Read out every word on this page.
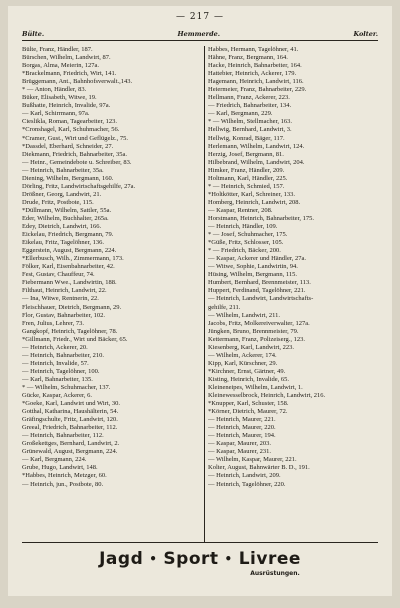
— 217 —
Bülte.	Hemmerde.	Kolter.
Bülte, Franz, Händler, 187.
Bürschen, Wilhelm, Landwirt, 87.
Borgas, Alma, Meierin, 127a.
*Brackelmann, Friedrich, Wirt, 141.
Brüggemann, Ant., Bahnhofsverwalt.,143.
* — Anton, Händler, 83.
Büker, Elisabeth, Witwe, 19.
Bußhatte, Heinrich, Invalide, 97a.
— Karl, Schirrmann, 97a.
Cieslikla, Roman, Tagearbeiter, 123.
*Cronshagel, Karl, Schuhmacher, 56.
*Cramer, Gust., Wirt und Geflügelz., 75.
*Dassdel, Eberhard, Schneider, 27.
Diekmann, Friedrich, Bahnarbeiter, 35a.
— Heinr., Gemeindebote u. Schreiber, 83.
— Heinrich, Bahnarbeiter, 35a.
Diening, Wilhelm, Bergmann, 160.
Dörling, Fritz, Landwirtschaftsgehilfe, 27a.
Drößner, Georg, Landwirt, 21.
Drude, Fritz, Postbote, 115.
*Düllmann, Wilhelm, Sattler, 55a.
Eder, Wilhelm, Buchhalter, 265a.
Edey, Dietrich, Landwirt, 166.
Eickelau, Friedrich, Bergmann, 79.
Eikelau, Fritz, Tagelöhner, 136.
Eggerstein, August, Bergmann, 224.
*Ellerbusch, Wilh., Zimmermann, 173.
Fölker, Karl, Eisenbahnarbeiter, 42.
Fest, Gustav, Chauffeur, 74.
Fiebermann Wwe., Landwirtin, 188.
Filthaut, Heinrich, Landwirt, 22.
— Ina, Witwe, Rentnerin, 22.
Fleischhauer, Dietrich, Bergmann, 29.
Flor, Gustav, Bahnarbeiter, 102.
Fren, Julius, Lehrer, 73.
Gangkopf, Heinrich, Tagelöhner, 78.
*Gillmann, Friedr., Wirt und Bäcker, 65.
— Heinrich, Ackerer, 20.
— Heinrich, Bahnarbeiter, 210.
— Heinrich, Invalide, 57.
— Heinrich, Tagelöhner, 100.
— Karl, Bahnarbeiter, 135.
* — Wilhelm, Schuhmacher, 137.
Gücke, Kaspar, Ackerer, 6.
*Goeke, Karl, Landwirt und Wirt, 30.
Gotthal, Katharina, Haushälterin, 54.
Gräfingschulte, Fritz, Landwirt, 120.
Greeal, Friedrich, Bahnarbeiter, 112.
— Heinrich, Bahnarbeiter, 112.
Großekettges, Bernhard, Landwirt, 2.
Grünewald, August, Bergmann, 224.
— Karl, Bergmann, 224.
Grube, Hugo, Landwirt, 148.
*Habbes, Heinrich, Metzger, 60.
— Heinrich, jun., Postbote, 80.
Habbes, Hermann, Tagelöhner, 41.
Hähne, Franz, Bergmann, 164.
Hacke, Heinrich, Bahnarbeiter, 164.
Hattebier, Heinrich, Ackerer, 179.
Hagemann, Heinrich, Landwirt, 116.
Heiermeier, Franz, Bahnarbeiter, 229.
Hellmann, Franz, Ackerer, 223.
— Friedrich, Bahnarbeiter, 134.
— Karl, Bergmann, 229.
* — Wilhelm, Stellmacher, 163.
Hellwig, Bernhard, Landwirt, 3.
Hellwig, Konrad, Bäger, 117.
Herlemann, Wilhelm, Landwirt, 124.
Herzig, Josef, Bergmann, 81.
Hilbebrand, Wilhelm, Landwirt, 204.
Himker, Franz, Händler, 209.
Holtmann, Karl, Händler, 225.
* — Heinrich, Schmied, 157.
*Holtkötter, Karl, Schreiner, 133.
Homberg, Heinrich, Landwirt, 208.
— Kaspar, Rentner, 208.
Horstmann, Heinrich, Bahnarbeiter, 175.
— Heinrich, Händler, 109.
* — Josef, Schuhmacher, 175.
*Güße, Fritz, Schlosser, 105.
* — Friedrich, Bäcker, 200.
— Kaspar, Ackerer und Händler, 27a.
— Witwe, Sophie, Landwirtin, 94.
Hüsing, Wilhelm, Bergmann, 115.
Humbert, Bernhard, Brennmeister, 113.
Huppert, Ferdinand, Tagelöhner, 221.
— Heinrich, Landwirt, Landwirtschafts-
gehilfe, 211.
— Wilhelm, Landwirt, 211.
Jacobs, Fritz, Molkereiverwalter, 127a.
Jüngken, Bruno, Brennmeister, 79.
Kettermann, Franz, Polizeiserg., 123.
Kiesenberg, Karl, Landwirt, 223.
— Wilhelm, Ackerer, 174.
Kipp, Karl, Kürschner, 29.
*Kirchner, Ernst, Gärtner, 49.
Kisting, Heinrich, Invalide, 65.
Kleineneipes, Wilhelm, Landwirt, 1.
Kleinewesselbrock, Heinrich, Landwirt, 216.
*Knupper, Karl, Schuster, 158.
*Körner, Dietrich, Maurer, 72.
— Heinrich, Maurer, 221.
— Heinrich, Maurer, 220.
— Heinrich, Maurer, 194.
— Kaspar, Maurer, 203.
— Kaspar, Maurer, 231.
— Wilhelm, Kaspar, Maurer, 221.
Kolter, August, Bahnwärter B. D., 191.
— Heinrich, Landwirt, 209.
— Heinrich, Tagelöhner, 220.
Jagd • Sport • Livree
Ausrüstungen.
